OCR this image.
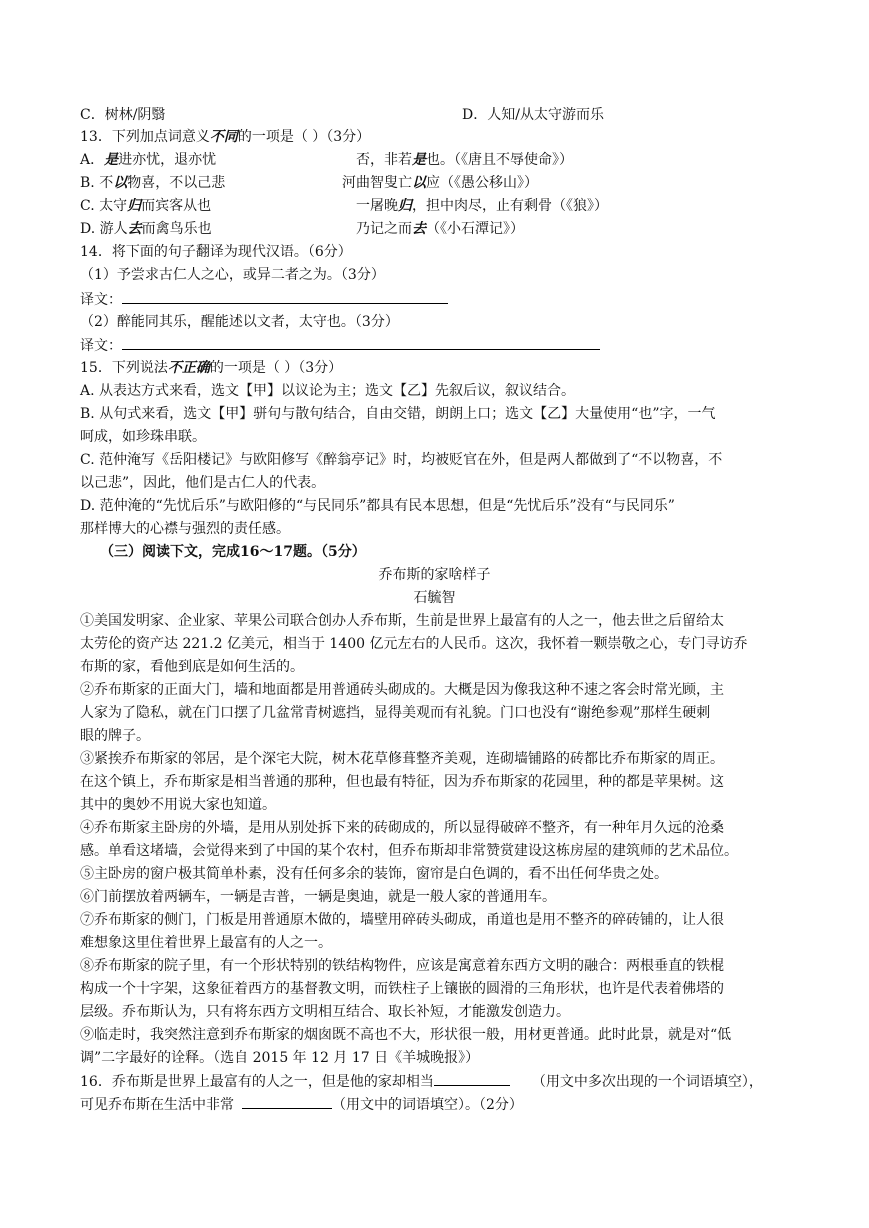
C．树林/阴翳	D．人知/从太守游而乐
13．下列加点词意义不同的一项是（ ）（3分）
A．是进亦忧，退亦忧	否，非若是也。（《唐且不辱使命》）
B. 不以物喜，不以己悲	河曲智叟亡以应（《愚公移山》）
C. 太守归而宾客从也	一屠晚归，担中肉尽，止有剩骨（《狼》）
D. 游人去而禽鸟乐也	乃记之而去（《小石潭记》）
14．将下面的句子翻译为现代汉语。（6分）
（1）予尝求古仁人之心，或异二者之为。（3分）
译文：
（2）醉能同其乐，醒能述以文者，太守也。（3分）
译文：
15．下列说法不正确的一项是（ ）（3分）
A. 从表达方式来看，选文【甲】以议论为主；选文【乙】先叙后议，叙议结合。
B. 从句式来看，选文【甲】骈句与散句结合，自由交错，朗朗上口；选文【乙】大量使用“也”字，一气
呵成，如珍珠串联。
C. 范仲淹写《岳阳楼记》与欧阳修写《醉翁亭记》时，均被贬官在外，但是两人都做到了“不以物喜，不
以己悲”，因此，他们是古仁人的代表。
D. 范仲淹的“先忧后乐”与欧阳修的“与民同乐”都具有民本思想，但是“先忧后乐”没有“与民同乐”
那样博大的心襟与强烈的责任感。
（三）阅读下文，完成16～17题。（5分）
乔布斯的家啥样子
石毓智
①美国发明家、企业家、苹果公司联合创办人乔布斯，生前是世界上最富有的人之一，他去世之后留给太
太劳伦的资产达 221.2 亿美元，相当于 1400 亿元左右的人民币。这次，我怀着一颗崇敬之心，专门寻访乔
布斯的家，看他到底是如何生活的。
②乔布斯家的正面大门，墙和地面都是用普通砖头砌成的。大概是因为像我这种不速之客会时常光顾，主
人家为了隐私，就在门口摆了几盆常青树遮挡，显得美观而有礼貌。门口也没有“谢绝参观”那样生硬刺
眼的牌子。
③紧挨乔布斯家的邻居，是个深宅大院，树木花草修葺整齐美观，连砌墙铺路的砖都比乔布斯家的周正。
在这个镇上，乔布斯家是相当普通的那种，但也最有特征，因为乔布斯家的花园里，种的都是苹果树。这
其中的奥妙不用说大家也知道。
④乔布斯家主卧房的外墙，是用从别处拆下来的砖砌成的，所以显得破碎不整齐，有一种年月久远的沧桑
感。单看这堵墙，会觉得来到了中国的某个农村，但乔布斯却非常赞赏建设这栋房屋的建筑师的艺术品位。
⑤主卧房的窗户极其简单朴素，没有任何多余的装饰，窗帘是白色调的，看不出任何华贵之处。
⑥门前摆放着两辆车，一辆是吉普，一辆是奥迪，就是一般人家的普通用车。
⑦乔布斯家的侧门，门板是用普通原木做的，墙壁用碎砖头砌成，甬道也是用不整齐的碎砖铺的，让人很
难想象这里住着世界上最富有的人之一。
⑧乔布斯家的院子里，有一个形状特别的铁结构物件，应该是寓意着东西方文明的融合：两根垂直的铁棍
构成一个十字架，这象征着西方的基督教文明，而铁柱子上镶嵌的圆滑的三角形状，也许是代表着佛塔的
层级。乔布斯认为，只有将东西方文明相互结合、取长补短，才能激发创造力。
⑨临走时，我突然注意到乔布斯家的烟囱既不高也不大，形状很一般，用材更普通。此时此景，就是对“低
调”二字最好的诠释。（选自 2015 年 12 月 17 日《羊城晚报》）
16．乔布斯是世界上最富有的人之一，但是他的家却相当	（用文中多次出现的一个词语填空），
可见乔布斯在生活中非常	（用文中的词语填空）。（2分）
